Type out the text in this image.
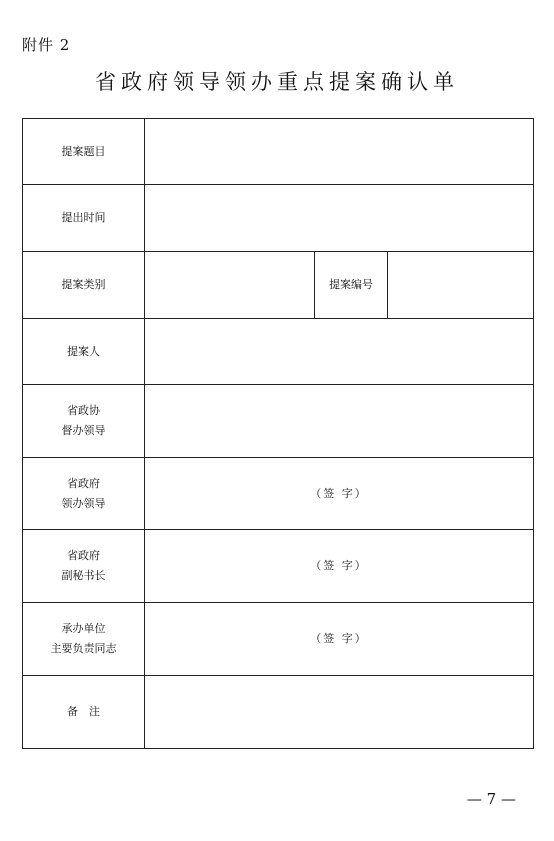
附件 2
省政府领导领办重点提案确认单
提案题目			
提出时间			
提案类别		提案编号	
提案人			

省政协
督办领导			

省政府
领办领导	（签 字）		

省政府
副秘书长	（签 字）		

承办单位
主要负责同志	（签 字）		
备　注			
— 7 —
